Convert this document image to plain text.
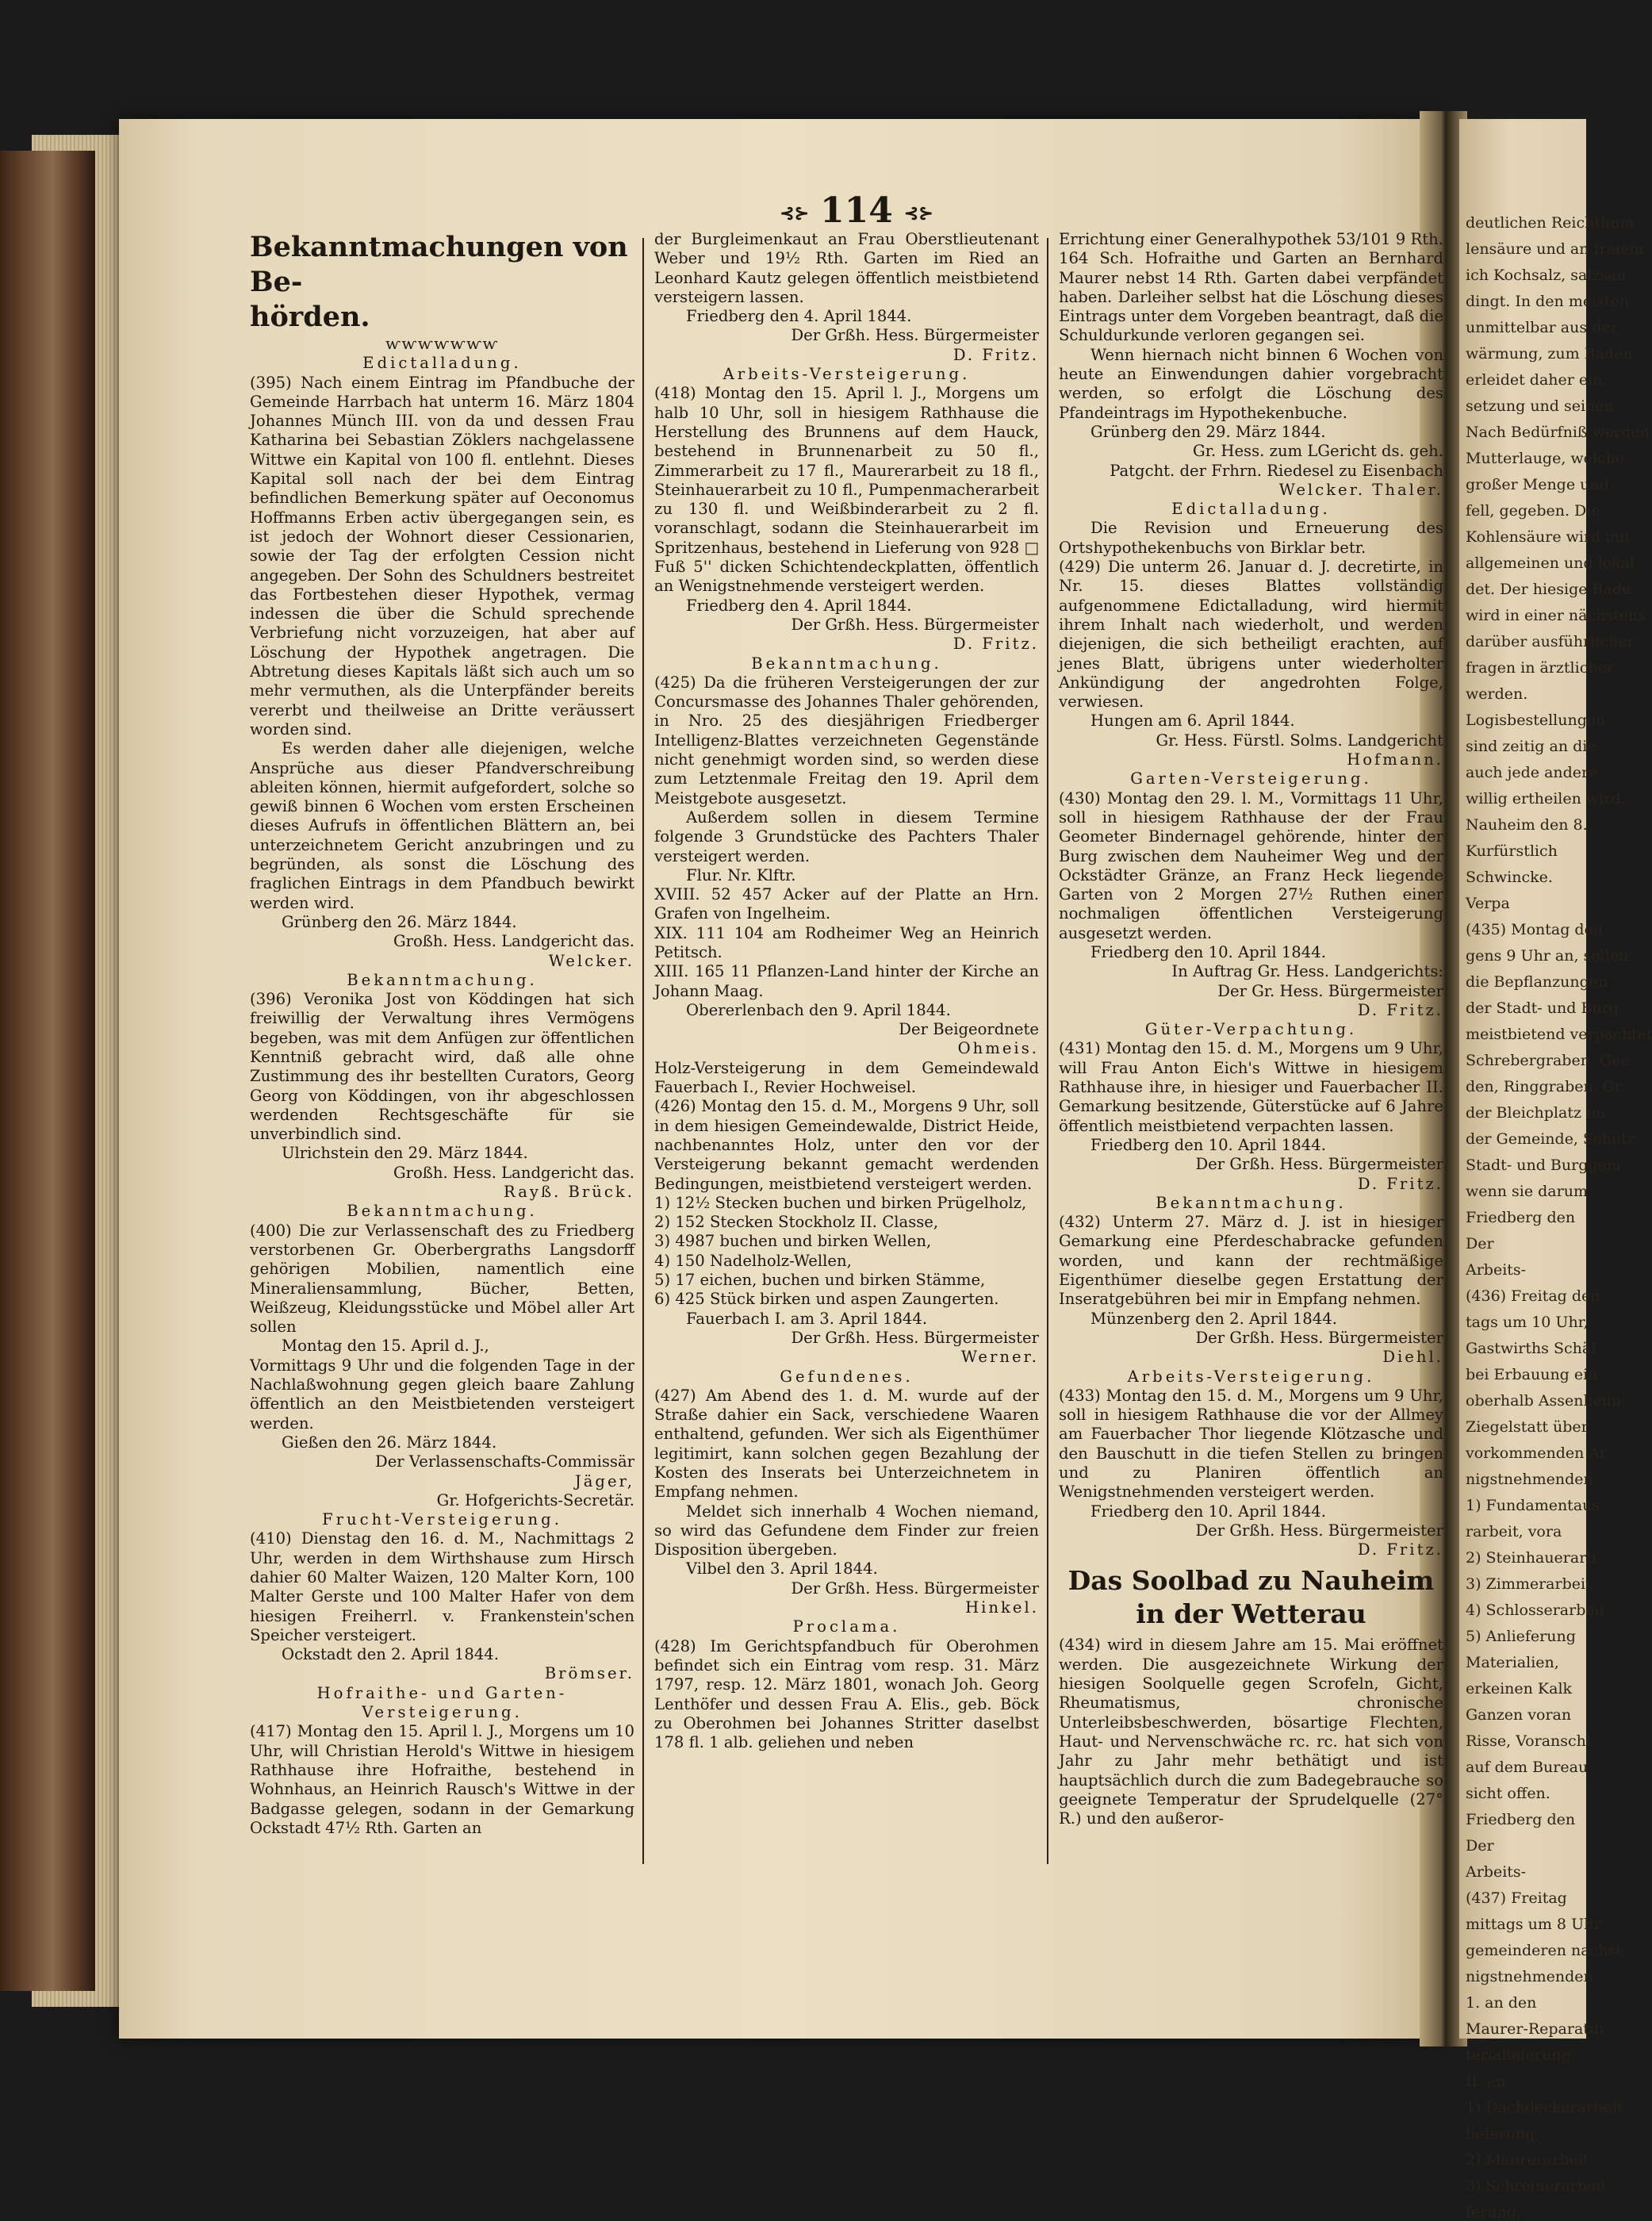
deutlichen Reichthum
lensäure und an freiem
ich Kochsalz, salzsau
dingt. In den meisten
unmittelbar aus der
wärmung, zum Baden
erleidet daher ein
setzung und seinen
Nach Bedürfniß werden
Mutterlauge, welche
großer Menge und
fell, gegeben. Die
Kohlensäure wird mit
allgemeinen und lokal
det. Der hiesige Bade
wird in einer nächstens
darüber ausführlicher
fragen in ärztlicher
werden.
Logisbestellungen
sind zeitig an die
auch jede andere
willig ertheilen wird.
Nauheim den 8.
Kurfürstlich
Schwincke.
Verpa
(435) Montag den
gens 9 Uhr an, sollen
die Bepflanzungen
der Stadt- und Burg
meistbietend verpachtet
Schrebergraben, Gee
den, Ringgraben, Gr
der Bleichplatz im
der Gemeinde, Schütz
Stadt- und Burggem
wenn sie darum
Friedberg den
Der
Arbeits-
(436) Freitag den
tags um 10 Uhr,
Gastwirths Schäf
bei Erbauung ein
oberhalb Assenheim
Ziegelstatt über
vorkommenden Ar
nigstnehmenden
1) Fundamentaus
rarbeit, vora
2) Steinhauerarb
3) Zimmerarbeit
4) Schlosserarbeit
5) Anlieferung
Materialien,
erkeinen Kalk
Ganzen voran
Risse, Voranschl
auf dem Bureau
sicht offen.
Friedberg den
Der
Arbeits-
(437) Freitag
mittags um 8 Uhr,
gemeinderen nachst
nigstnehmenden
1. an den
Maurer-Reparatur
terialieferung,
II. an
1) Dachdeckerarbeit
lieferung,
2) Maurerarbeit
3) Schreinerarbeit
ferung,
⊰⊱ 114 ⊰⊱

Bekanntmachungen von Be-

hörden.

ⱳⱳⱳⱳⱳⱳⱳ

Edictalladung.

(395) Nach einem Eintrag im Pfandbuche der Gemeinde Harrbach hat unterm 16. März 1804 Johannes Münch III. von da und dessen Frau Katharina bei Sebastian Zöklers nachgelassene Wittwe ein Kapital von 100 fl. entlehnt. Dieses Kapital soll nach der bei dem Eintrag befindlichen Bemerkung später auf Oeconomus Hoffmanns Erben activ übergegangen sein, es ist jedoch der Wohnort dieser Cessionarien, sowie der Tag der erfolgten Cession nicht angegeben. Der Sohn des Schuldners bestreitet das Fortbestehen dieser Hypothek, vermag indessen die über die Schuld sprechende Verbriefung nicht vorzuzeigen, hat aber auf Löschung der Hypothek angetragen. Die Abtretung dieses Kapitals läßt sich auch um so mehr vermuthen, als die Unterpfänder bereits vererbt und theilweise an Dritte veräussert worden sind.

Es werden daher alle diejenigen, welche Ansprüche aus dieser Pfandverschreibung ableiten können, hiermit aufgefordert, solche so gewiß binnen 6 Wochen vom ersten Erscheinen dieses Aufrufs in öffentlichen Blättern an, bei unterzeichnetem Gericht anzubringen und zu begründen, als sonst die Löschung des fraglichen Eintrags in dem Pfandbuch bewirkt werden wird.

Grünberg den 26. März 1844.

Großh. Hess. Landgericht das.

Welcker.

Bekanntmachung.

(396) Veronika Jost von Köddingen hat sich freiwillig der Verwaltung ihres Vermögens begeben, was mit dem Anfügen zur öffentlichen Kenntniß gebracht wird, daß alle ohne Zustimmung des ihr bestellten Curators, Georg Georg von Köddingen, von ihr abgeschlossen werdenden Rechtsgeschäfte für sie unverbindlich sind.

Ulrichstein den 29. März 1844.

Großh. Hess. Landgericht das.

Rayß. Brück.

Bekanntmachung.

(400) Die zur Verlassenschaft des zu Friedberg verstorbenen Gr. Oberbergraths Langsdorff gehörigen Mobilien, namentlich eine Mineraliensammlung, Bücher, Betten, Weißzeug, Kleidungsstücke und Möbel aller Art sollen

Montag den 15. April d. J.,

Vormittags 9 Uhr und die folgenden Tage in der Nachlaßwohnung gegen gleich baare Zahlung öffentlich an den Meistbietenden versteigert werden.

Gießen den 26. März 1844.

Der Verlassenschafts-Commissär

Jäger,

Gr. Hofgerichts-Secretär.

Frucht-Versteigerung.

(410) Dienstag den 16. d. M., Nachmittags 2 Uhr, werden in dem Wirthshause zum Hirsch dahier 60 Malter Waizen, 120 Malter Korn, 100 Malter Gerste und 100 Malter Hafer von dem hiesigen Freiherrl. v. Frankenstein'schen Speicher versteigert.

Ockstadt den 2. April 1844.

Brömser.

Hofraithe- und Garten-Versteigerung.

(417) Montag den 15. April l. J., Morgens um 10 Uhr, will Christian Herold's Wittwe in hiesigem Rathhause ihre Hofraithe, bestehend in Wohnhaus, an Heinrich Rausch's Wittwe in der Badgasse gelegen, sodann in der Gemarkung Ockstadt 47½ Rth. Garten an

der Burgleimenkaut an Frau Oberstlieutenant Weber und 19½ Rth. Garten im Ried an Leonhard Kautz gelegen öffentlich meistbietend versteigern lassen.

Friedberg den 4. April 1844.

Der Grßh. Hess. Bürgermeister

D. Fritz.

Arbeits-Versteigerung.

(418) Montag den 15. April l. J., Morgens um halb 10 Uhr, soll in hiesigem Rathhause die Herstellung des Brunnens auf dem Hauck, bestehend in Brunnenarbeit zu 50 fl., Zimmerarbeit zu 17 fl., Maurerarbeit zu 18 fl., Steinhauerarbeit zu 10 fl., Pumpenmacherarbeit zu 130 fl. und Weißbinderarbeit zu 2 fl. voranschlagt, sodann die Steinhauerarbeit im Spritzenhaus, bestehend in Lieferung von 928 □ Fuß 5'' dicken Schichtendeckplatten, öffentlich an Wenigstnehmende versteigert werden.

Friedberg den 4. April 1844.

Der Grßh. Hess. Bürgermeister

D. Fritz.

Bekanntmachung.

(425) Da die früheren Versteigerungen der zur Concursmasse des Johannes Thaler gehörenden, in Nro. 25 des diesjährigen Friedberger Intelligenz-Blattes verzeichneten Gegenstände nicht genehmigt worden sind, so werden diese zum Letztenmale Freitag den 19. April dem Meistgebote ausgesetzt.

Außerdem sollen in diesem Termine folgende 3 Grundstücke des Pachters Thaler versteigert werden.

Flur. Nr. Klftr.

XVIII. 52 457 Acker auf der Platte an Hrn. Grafen von Ingelheim.

XIX. 111 104 am Rodheimer Weg an Heinrich Petitsch.

XIII. 165 11 Pflanzen-Land hinter der Kirche an Johann Maag.

Obererlenbach den 9. April 1844.

Der Beigeordnete

Ohmeis.

Holz-Versteigerung in dem Gemeindewald Fauerbach I., Revier Hochweisel.

(426) Montag den 15. d. M., Morgens 9 Uhr, soll in dem hiesigen Gemeindewalde, District Heide, nachbenanntes Holz, unter den vor der Versteigerung bekannt gemacht werdenden Bedingungen, meistbietend versteigert werden.

1) 12½ Stecken buchen und birken Prügelholz,

2) 152 Stecken Stockholz II. Classe,

3) 4987 buchen und birken Wellen,

4) 150 Nadelholz-Wellen,

5) 17 eichen, buchen und birken Stämme,

6) 425 Stück birken und aspen Zaungerten.

Fauerbach I. am 3. April 1844.

Der Grßh. Hess. Bürgermeister

Werner.

Gefundenes.

(427) Am Abend des 1. d. M. wurde auf der Straße dahier ein Sack, verschiedene Waaren enthaltend, gefunden. Wer sich als Eigenthümer legitimirt, kann solchen gegen Bezahlung der Kosten des Inserats bei Unterzeichnetem in Empfang nehmen.

Meldet sich innerhalb 4 Wochen niemand, so wird das Gefundene dem Finder zur freien Disposition übergeben.

Vilbel den 3. April 1844.

Der Grßh. Hess. Bürgermeister

Hinkel.

Proclama.

(428) Im Gerichtspfandbuch für Oberohmen befindet sich ein Eintrag vom resp. 31. März 1797, resp. 12. März 1801, wonach Joh. Georg Lenthöfer und dessen Frau A. Elis., geb. Böck zu Oberohmen bei Johannes Stritter daselbst 178 fl. 1 alb. geliehen und neben

Errichtung einer Generalhypothek 53/101 9 Rth. 164 Sch. Hofraithe und Garten an Bernhard Maurer nebst 14 Rth. Garten dabei verpfändet haben. Darleiher selbst hat die Löschung dieses Eintrags unter dem Vorgeben beantragt, daß die Schuldurkunde verloren gegangen sei.

Wenn hiernach nicht binnen 6 Wochen von heute an Einwendungen dahier vorgebracht werden, so erfolgt die Löschung des Pfandeintrags im Hypothekenbuche.

Grünberg den 29. März 1844.

Gr. Hess. zum LGericht ds. geh.

Patgcht. der Frhrn. Riedesel zu Eisenbach

Welcker. Thaler.

Edictalladung.

Die Revision und Erneuerung des Ortshypothekenbuchs von Birklar betr.

(429) Die unterm 26. Januar d. J. decretirte, in Nr. 15. dieses Blattes vollständig aufgenommene Edictalladung, wird hiermit ihrem Inhalt nach wiederholt, und werden diejenigen, die sich betheiligt erachten, auf jenes Blatt, übrigens unter wiederholter Ankündigung der angedrohten Folge, verwiesen.

Hungen am 6. April 1844.

Gr. Hess. Fürstl. Solms. Landgericht

Hofmann.

Garten-Versteigerung.

(430) Montag den 29. l. M., Vormittags 11 Uhr, soll in hiesigem Rathhause der der Frau Geometer Bindernagel gehörende, hinter der Burg zwischen dem Nauheimer Weg und der Ockstädter Gränze, an Franz Heck liegende Garten von 2 Morgen 27½ Ruthen einer nochmaligen öffentlichen Versteigerung ausgesetzt werden.

Friedberg den 10. April 1844.

In Auftrag Gr. Hess. Landgerichts:

Der Gr. Hess. Bürgermeister

D. Fritz.

Güter-Verpachtung.

(431) Montag den 15. d. M., Morgens um 9 Uhr, will Frau Anton Eich's Wittwe in hiesigem Rathhause ihre, in hiesiger und Fauerbacher II. Gemarkung besitzende, Güterstücke auf 6 Jahre öffentlich meistbietend verpachten lassen.

Friedberg den 10. April 1844.

Der Grßh. Hess. Bürgermeister

D. Fritz.

Bekanntmachung.

(432) Unterm 27. März d. J. ist in hiesiger Gemarkung eine Pferdeschabracke gefunden worden, und kann der rechtmäßige Eigenthümer dieselbe gegen Erstattung der Inseratgebühren bei mir in Empfang nehmen.

Münzenberg den 2. April 1844.

Der Grßh. Hess. Bürgermeister

Diehl.

Arbeits-Versteigerung.

(433) Montag den 15. d. M., Morgens um 9 Uhr, soll in hiesigem Rathhause die vor der Allmey am Fauerbacher Thor liegende Klötzasche und den Bauschutt in die tiefen Stellen zu bringen und zu Planiren öffentlich an Wenigstnehmenden versteigert werden.

Friedberg den 10. April 1844.

Der Grßh. Hess. Bürgermeister

D. Fritz.

Das Soolbad zu Nauheim in der Wetterau

(434) wird in diesem Jahre am 15. Mai eröffnet werden. Die ausgezeichnete Wirkung der hiesigen Soolquelle gegen Scrofeln, Gicht, Rheumatismus, chronische Unterleibsbeschwerden, bösartige Flechten, Haut- und Nervenschwäche rc. rc. hat sich von Jahr zu Jahr mehr bethätigt und ist hauptsächlich durch die zum Badegebrauche so geeignete Temperatur der Sprudelquelle (27° R.) und den außeror-
